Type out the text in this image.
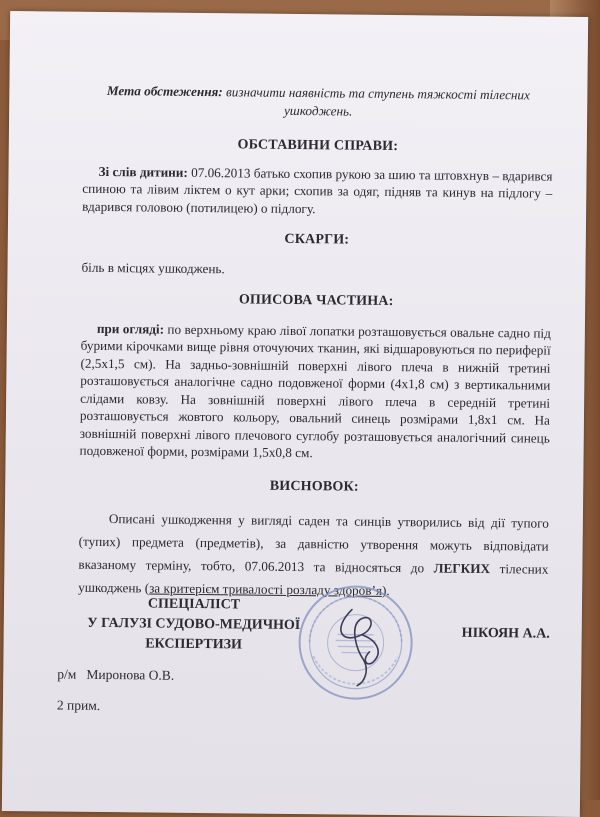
Мета обстеження: визначити наявність та ступень тяжкості тілесних ушкоджень.

ОБСТАВИНИ СПРАВИ:

Зі слів дитини: 07.06.2013 батько схопив рукою за шию та штовхнув – вдарився спиною та лівим ліктем о кут арки; схопив за одяг, підняв та кинув на підлогу – вдарився головою (потилицею) о підлогу.

СКАРГИ:

біль в місцях ушкоджень.

ОПИСОВА ЧАСТИНА:

при огляді: по верхньому краю лівої лопатки розташовується овальне садно під бурими кірочками вище рівня оточуючих тканин, які відшаровуються по периферії (2,5х1,5 см). На задньо-зовнішній поверхні лівого плеча в нижній третині розташовується аналогічне садно подовженої форми (4х1,8 см) з вертикальними слідами ковзу. На зовнішній поверхні лівого плеча в середній третині розташовується жовтого кольору, овальний синець розмірами 1,8х1 см. На зовнішній поверхні лівого плечового суглобу розташовується аналогічний синець подовженої форми, розмірами 1,5х0,8 см.

ВИСНОВОК:

Описані ушкодження у вигляді саден та синців утворились від дії тупого (тупих) предмета (предметів), за давністю утворення можуть відповідати вказаному терміну, тобто, 07.06.2013 та відносяться до ЛЕГКИХ тілесних ушкоджень (за критерієм тривалості розладу здоров’я).

СПЕЦІАЛІСТ
У ГАЛУЗІ СУДОВО-МЕДИЧНОЇ
ЕКСПЕРТИЗИ
НІКОЯН А.А.
р/м Миронова О.В.
2 прим.
